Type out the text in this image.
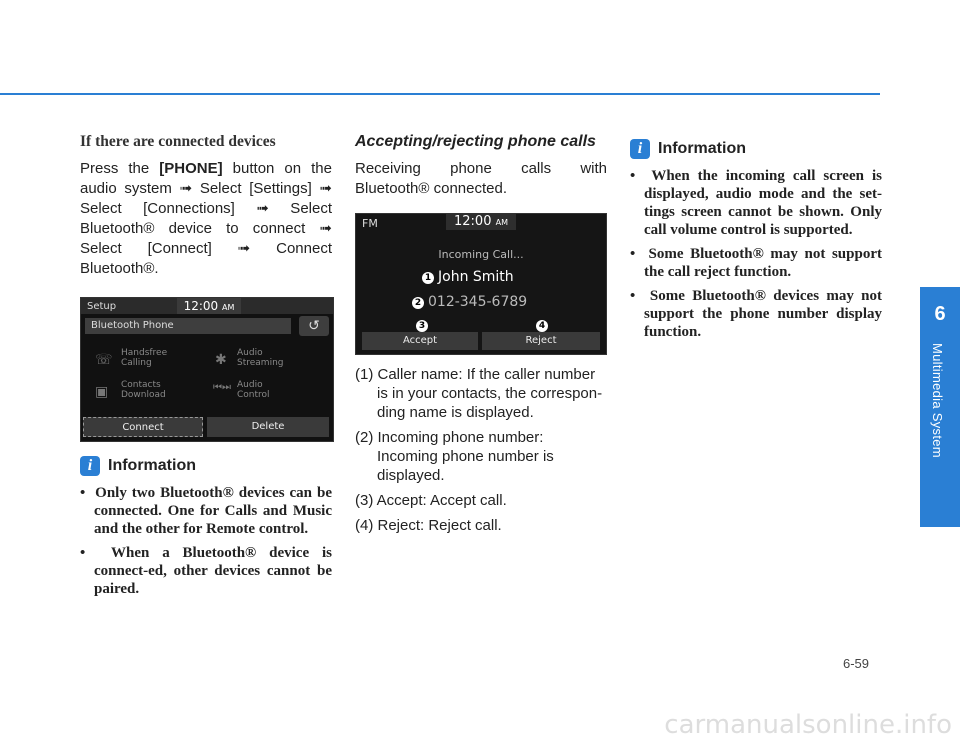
If there are connected devices

Press the [PHONE] button on the audio system ➟ Select [Settings] ➟ Select [Connections] ➟ Select Bluetooth® device to connect ➟ Select [Connect] ➟ Connect Bluetooth®.

Setup	12:00 AM
Bluetooth Phone	↺
☏ Handsfree
Calling	✱ Audio
Streaming
▣ Contacts
Download
⏮⏭ Audio
Control
Connect	Delete
i Information
•  Only two Bluetooth® devices can be connected. One for Calls and Music and the other for Remote control.
•  When a Bluetooth® device is connect-ed, other devices cannot be paired.
Accepting/rejecting phone calls

Receiving phone calls with Bluetooth® connected.

FM	12:00 AM
Incoming Call...
1 John Smith
2 012-345-6789
3	4
Accept	Reject
(1) Caller name: If the caller number is in your contacts, the correspon-ding name is displayed.
(2) Incoming phone number: Incoming phone number is displayed.
(3) Accept: Accept call.
(4) Reject: Reject call.
i Information
•  When the incoming call screen is displayed, audio mode and the set-tings screen cannot be shown. Only call volume control is supported.
•  Some Bluetooth® may not support the call reject function.
•  Some Bluetooth® devices may not support the phone number display function.
6
Multimedia System
6-59
carmanualsonline.info
